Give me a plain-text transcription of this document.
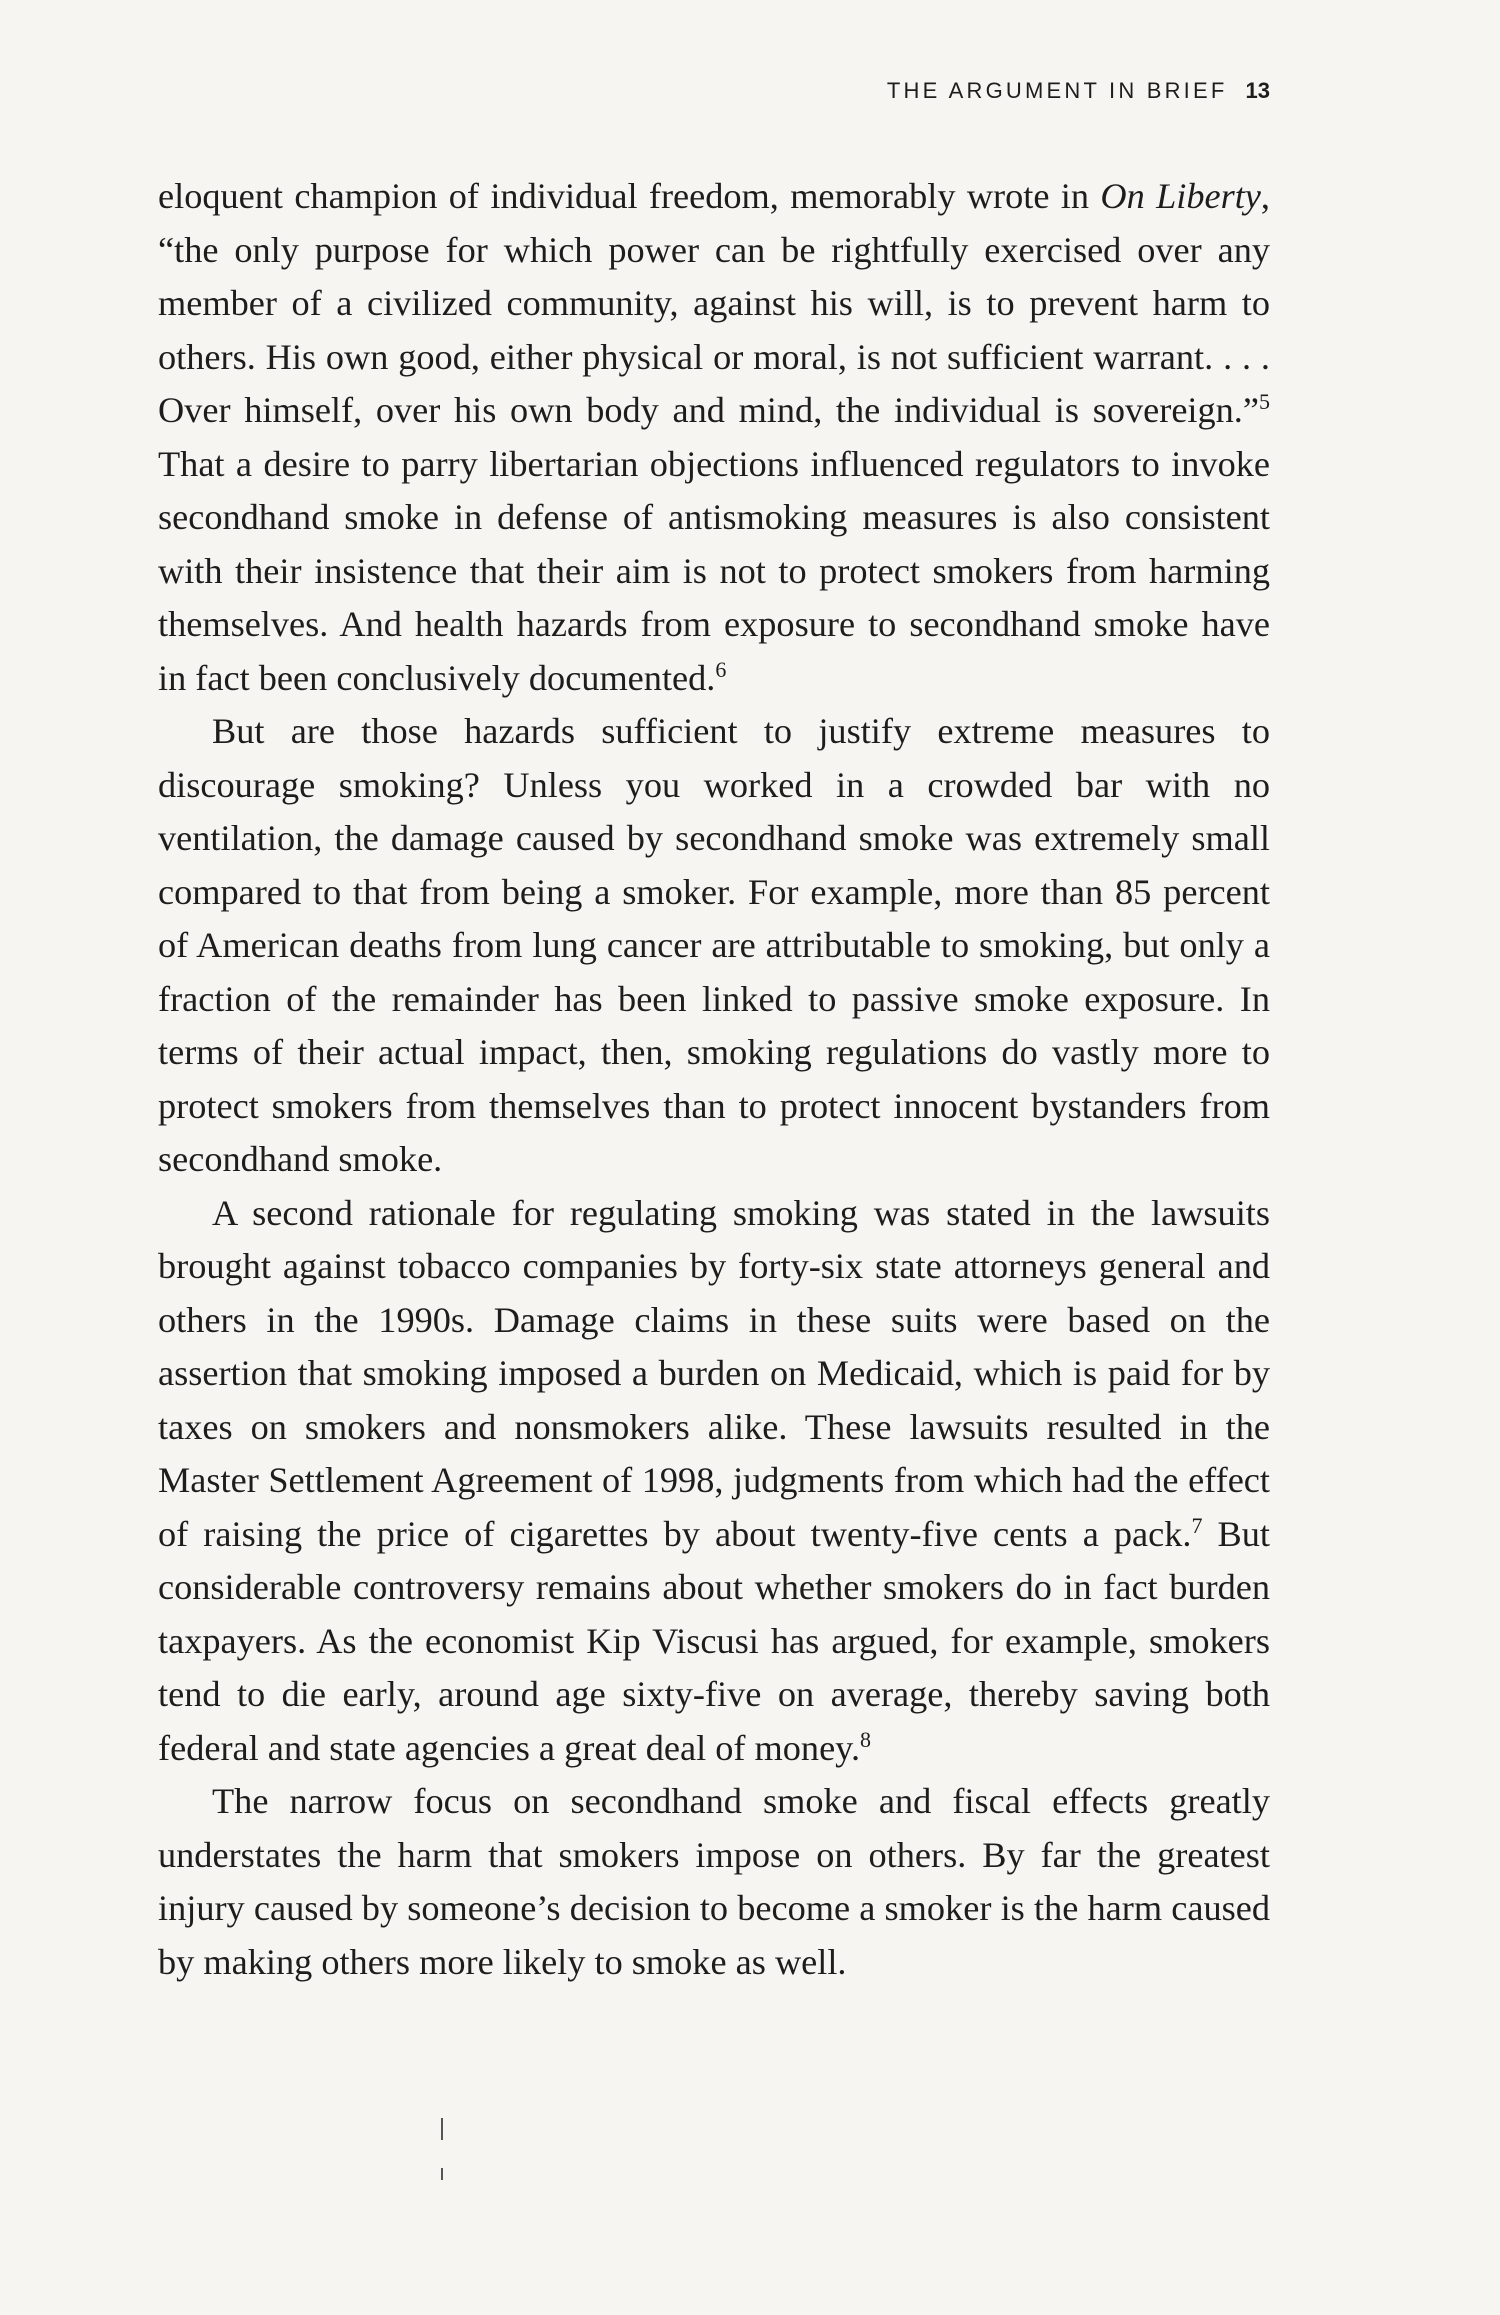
THE ARGUMENT IN BRIEF 13

eloquent champion of individual freedom, memorably wrote in On Liberty, “the only purpose for which power can be rightfully exercised over any member of a civilized community, against his will, is to prevent harm to others. His own good, either physical or moral, is not sufficient warrant. . . . Over himself, over his own body and mind, the individual is sovereign.”$^5$ That a desire to parry libertarian objections influenced regulators to invoke secondhand smoke in defense of antismoking measures is also consistent with their insistence that their aim is not to protect smokers from harming themselves. And health hazards from exposure to secondhand smoke have in fact been conclusively documented.$^6$

But are those hazards sufficient to justify extreme measures to discourage smoking? Unless you worked in a crowded bar with no ventilation, the damage caused by secondhand smoke was extremely small compared to that from being a smoker. For example, more than 85 percent of American deaths from lung cancer are attributable to smoking, but only a fraction of the remainder has been linked to passive smoke exposure. In terms of their actual impact, then, smoking regulations do vastly more to protect smokers from themselves than to protect innocent bystanders from secondhand smoke.

A second rationale for regulating smoking was stated in the lawsuits brought against tobacco companies by forty-six state attorneys general and others in the 1990s. Damage claims in these suits were based on the assertion that smoking imposed a burden on Medicaid, which is paid for by taxes on smokers and nonsmokers alike. These lawsuits resulted in the Master Settlement Agreement of 1998, judgments from which had the effect of raising the price of cigarettes by about twenty-five cents a pack.$^7$ But considerable controversy remains about whether smokers do in fact burden taxpayers. As the economist Kip Viscusi has argued, for example, smokers tend to die early, around age sixty-five on average, thereby saving both federal and state agencies a great deal of money.$^8$

The narrow focus on secondhand smoke and fiscal effects greatly understates the harm that smokers impose on others. By far the greatest injury caused by someone’s decision to become a smoker is the harm caused by making others more likely to smoke as well.
